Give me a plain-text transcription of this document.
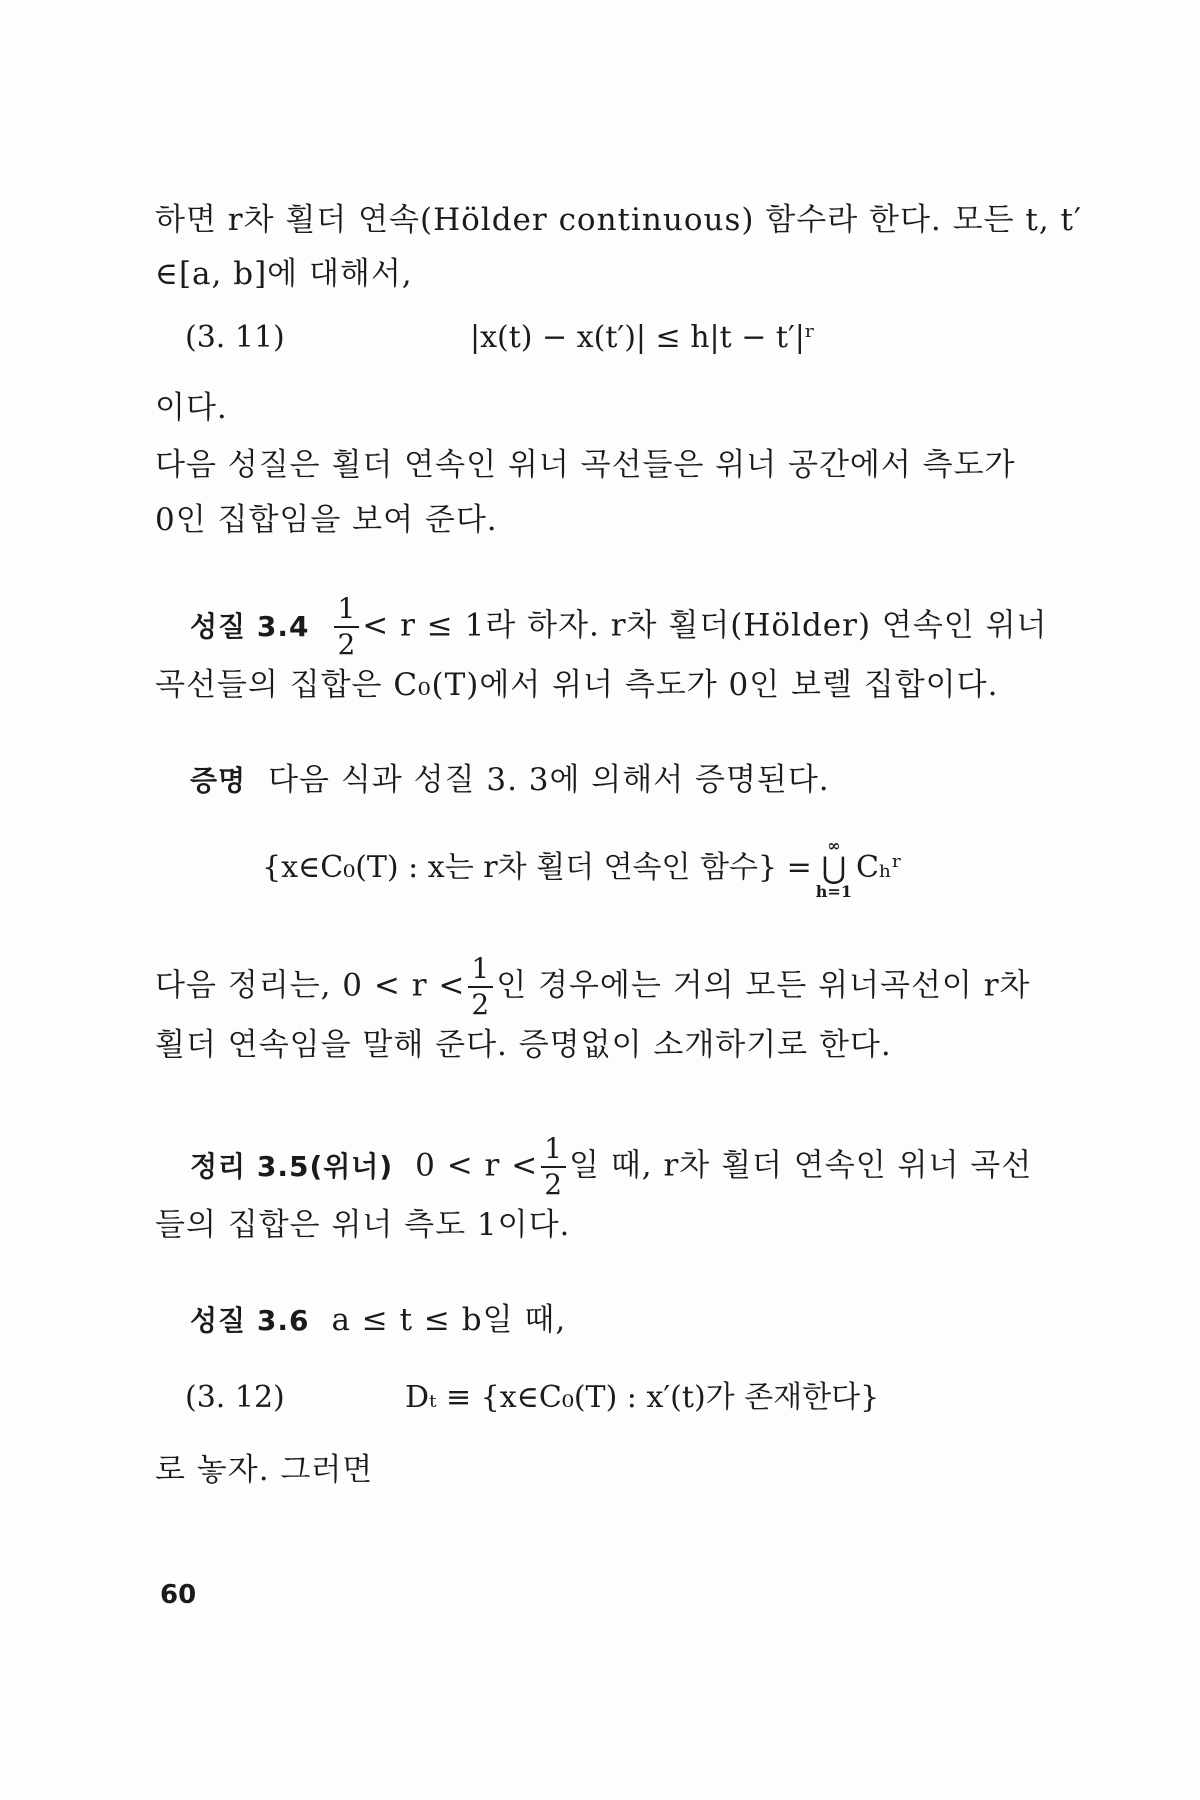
하면 r차 횔더 연속(Hölder continuous) 함수라 한다. 모든 t, t′
∈[a, b]에 대해서,
(3. 11)	|x(t) − x(t′)| ≤ h|t − t′|ʳ
이다.
다음 성질은 횔더 연속인 위너 곡선들은 위너 공간에서 측도가
0인 집합임을 보여 준다.
성질 $3.4 \frac{1}{2} < r \le 1$라 하자. r차 횔더(Hölder) 연속인 위너
곡선들의 집합은 C₀(T)에서 위너 측도가 0인 보렐 집합이다.
증명 다음 식과 성질 3. 3에 의해서 증명된다.
{x∈C₀(T) : x는 r차 횔더 연속인 함수} =
∞
⋃
h=1
Cₕʳ
다음 정리는, $0 < r < \frac{1}{2}$ 인 경우에는 거의 모든 위너곡선이 r차
횔더 연속임을 말해 준다. 증명없이 소개하기로 한다.
정리 3.5(위너) $0 < r < \frac{1}{2}$ 일 때, r차 횔더 연속인 위너 곡선
들의 집합은 위너 측도 1이다.
성질 3.6 a ≤ t ≤ b일 때,
(3. 12)	Dₜ ≡ {x∈C₀(T) : x′(t)가 존재한다}
로 놓자. 그러면
60
